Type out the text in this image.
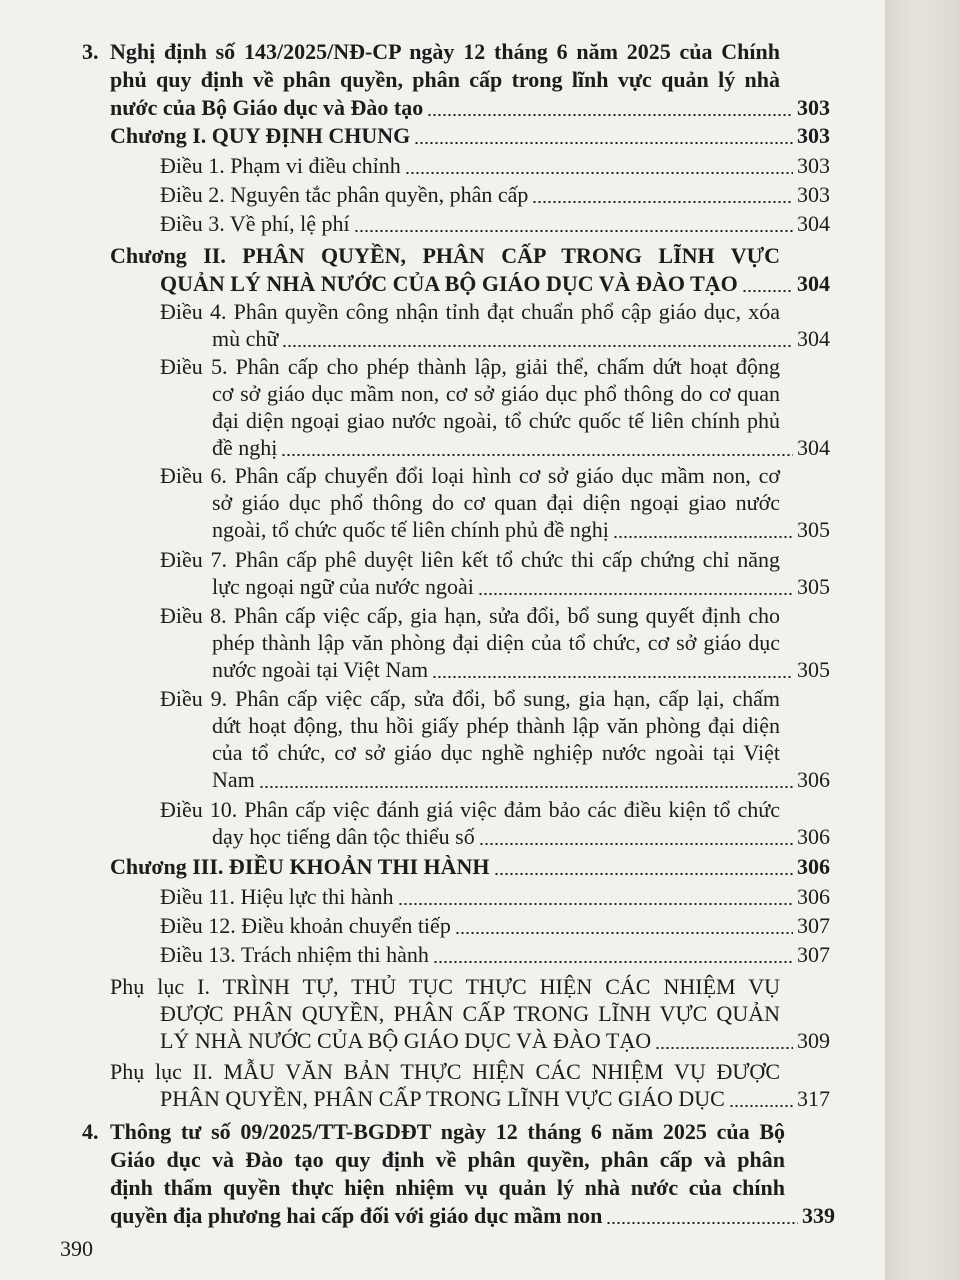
3. Nghị định số 143/2025/NĐ-CP ngày 12 tháng 6 năm 2025 của Chính
phủ quy định về phân quyền, phân cấp trong lĩnh vực quản lý nhà
nước của Bộ Giáo dục và Đào tạo	303
Chương I. QUY ĐỊNH CHUNG	303
Điều 1. Phạm vi điều chỉnh	303
Điều 2. Nguyên tắc phân quyền, phân cấp	303
Điều 3. Về phí, lệ phí	304
Chương II. PHÂN QUYỀN, PHÂN CẤP TRONG LĨNH VỰC
QUẢN LÝ NHÀ NƯỚC CỦA BỘ GIÁO DỤC VÀ ĐÀO TẠO	304
Điều 4. Phân quyền công nhận tỉnh đạt chuẩn phổ cập giáo dục, xóa
mù chữ	304
Điều 5. Phân cấp cho phép thành lập, giải thể, chấm dứt hoạt động
cơ sở giáo dục mầm non, cơ sở giáo dục phổ thông do cơ quan
đại diện ngoại giao nước ngoài, tổ chức quốc tế liên chính phủ
đề nghị	304
Điều 6. Phân cấp chuyển đổi loại hình cơ sở giáo dục mầm non, cơ
sở giáo dục phổ thông do cơ quan đại diện ngoại giao nước
ngoài, tổ chức quốc tế liên chính phủ đề nghị	305
Điều 7. Phân cấp phê duyệt liên kết tổ chức thi cấp chứng chỉ năng
lực ngoại ngữ của nước ngoài	305
Điều 8. Phân cấp việc cấp, gia hạn, sửa đổi, bổ sung quyết định cho
phép thành lập văn phòng đại diện của tổ chức, cơ sở giáo dục
nước ngoài tại Việt Nam	305
Điều 9. Phân cấp việc cấp, sửa đổi, bổ sung, gia hạn, cấp lại, chấm
dứt hoạt động, thu hồi giấy phép thành lập văn phòng đại diện
của tổ chức, cơ sở giáo dục nghề nghiệp nước ngoài tại Việt
Nam	306
Điều 10. Phân cấp việc đánh giá việc đảm bảo các điều kiện tổ chức
dạy học tiếng dân tộc thiểu số	306
Chương III. ĐIỀU KHOẢN THI HÀNH	306
Điều 11. Hiệu lực thi hành	306
Điều 12. Điều khoản chuyển tiếp	307
Điều 13. Trách nhiệm thi hành	307
Phụ lục I. TRÌNH TỰ, THỦ TỤC THỰC HIỆN CÁC NHIỆM VỤ
ĐƯỢC PHÂN QUYỀN, PHÂN CẤP TRONG LĨNH VỰC QUẢN
LÝ NHÀ NƯỚC CỦA BỘ GIÁO DỤC VÀ ĐÀO TẠO	309
Phụ lục II. MẪU VĂN BẢN THỰC HIỆN CÁC NHIỆM VỤ ĐƯỢC
PHÂN QUYỀN, PHÂN CẤP TRONG LĨNH VỰC GIÁO DỤC	317
4. Thông tư số 09/2025/TT-BGDĐT ngày 12 tháng 6 năm 2025 của Bộ
Giáo dục và Đào tạo quy định về phân quyền, phân cấp và phân
định thẩm quyền thực hiện nhiệm vụ quản lý nhà nước của chính
quyền địa phương hai cấp đối với giáo dục mầm non	339
390
